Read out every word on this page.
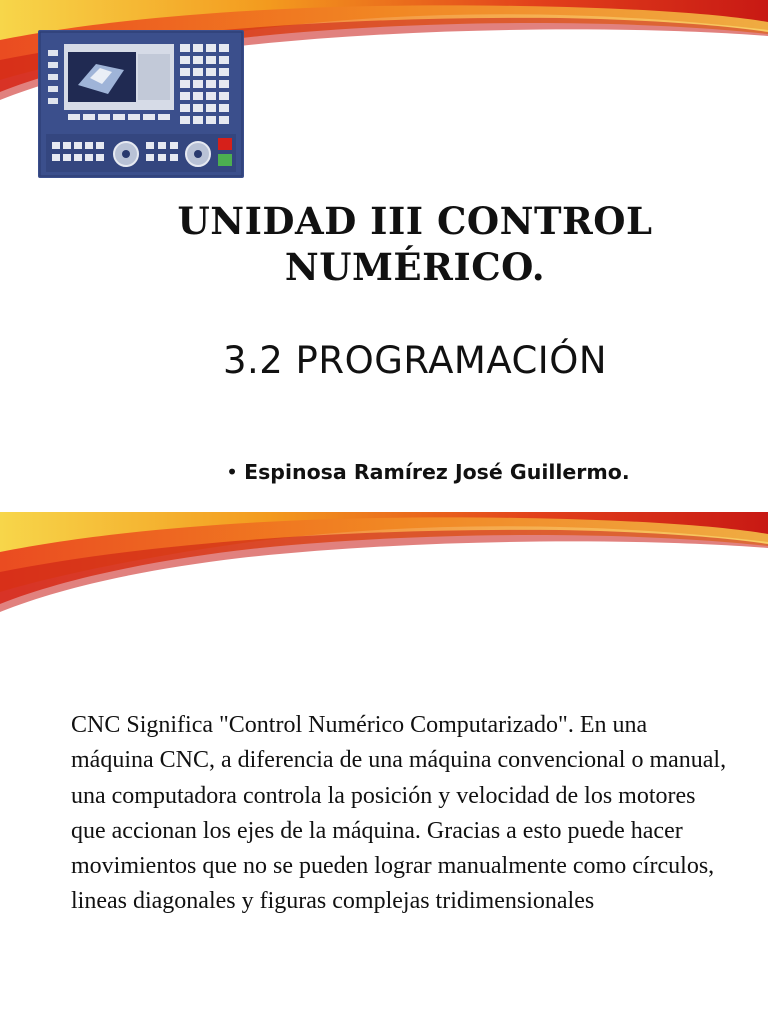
UNIDAD III CONTROL NUMÉRICO.
3.2 PROGRAMACIÓN
• Espinosa Ramírez José Guillermo.

CNC Significa "Control Numérico Computarizado". En una máquina CNC, a diferencia de una máquina convencional o manual, una computadora controla la posición y velocidad de los motores que accionan los ejes de la máquina. Gracias a esto puede hacer movimientos que no se pueden lograr manualmente como círculos, lineas diagonales y figuras complejas tridimensionales
